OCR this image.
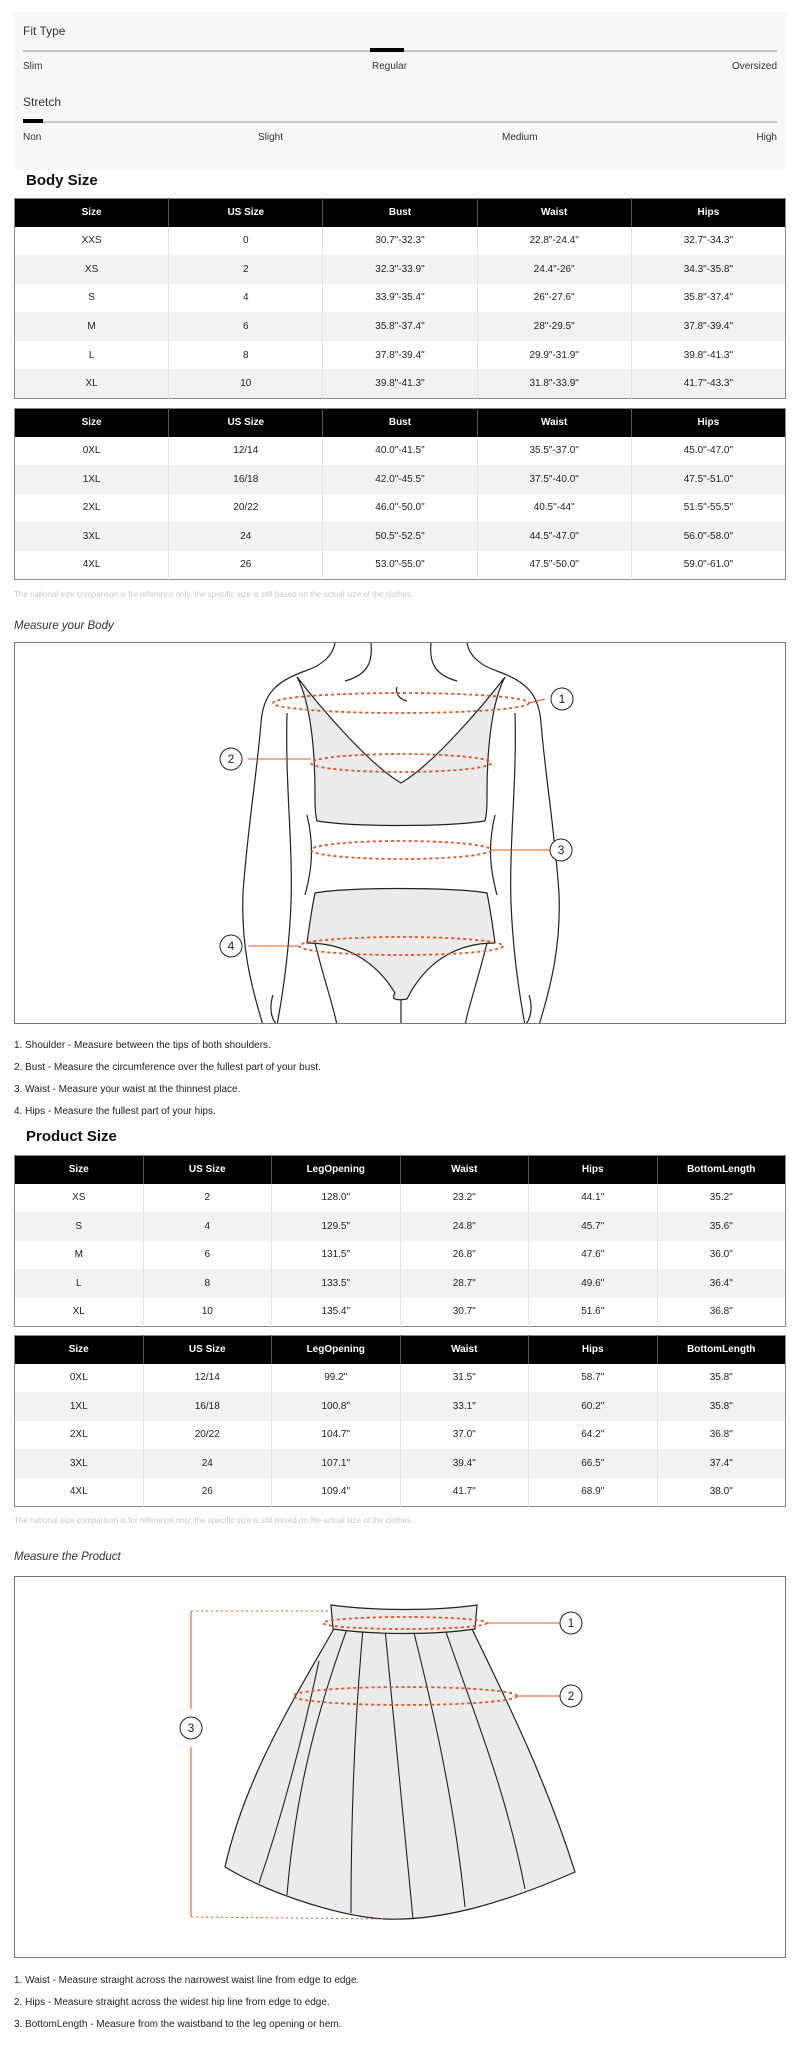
Fit Type
Slim	Regular	Oversized
Stretch
Non	Slight	Medium	High
Body Size
Size	US Size	Bust	Waist	Hips
XXS	0	30.7"-32.3"	22.8"-24.4"	32.7"-34.3"
XS	2	32.3"-33.9"	24.4"-26"	34.3"-35.8"
S	4	33.9"-35.4"	26"-27.6"	35.8"-37.4"
M	6	35.8"-37.4"	28"-29.5"	37.8"-39.4"
L	8	37.8"-39.4"	29.9"-31.9"	39.8"-41.3"
XL	10	39.8"-41.3"	31.8"-33.9"	41.7"-43.3"
Size	US Size	Bust	Waist	Hips
0XL	12/14	40.0"-41.5"	35.5"-37.0"	45.0"-47.0"
1XL	16/18	42.0"-45.5"	37.5"-40.0"	47.5"-51.0"
2XL	20/22	46.0"-50.0"	40.5"-44"	51.5"-55.5"
3XL	24	50.5"-52.5"	44.5"-47.0"	56.0"-58.0"
4XL	26	53.0"-55.0"	47.5"-50.0"	59.0"-61.0"
The national size comparison is for reference only, the specific size is still based on the actual size of the clothes.
Measure your Body
1
2
3
4
1. Shoulder - Measure between the tips of both shoulders.
2. Bust - Measure the circumference over the fullest part of your bust.
3. Waist - Measure your waist at the thinnest place.
4. Hips - Measure the fullest part of your hips.
Product Size
Size	US Size	LegOpening	Waist	Hips	BottomLength
XS	2	128.0"	23.2"	44.1"	35.2"
S	4	129.5"	24.8"	45.7"	35.6"
M	6	131.5"	26.8"	47.6"	36.0"
L	8	133.5"	28.7"	49.6"	36.4"
XL	10	135.4"	30.7"	51.6"	36.8"
Size	US Size	LegOpening	Waist	Hips	BottomLength
0XL	12/14	99.2"	31.5"	58.7"	35.8"
1XL	16/18	100.8"	33.1"	60.2"	35.8"
2XL	20/22	104.7"	37.0"	64.2"	36.8"
3XL	24	107.1"	39.4"	66.5"	37.4"
4XL	26	109.4"	41.7"	68.9"	38.0"
The national size comparison is for reference only, the specific size is still based on the actual size of the clothes.
Measure the Product
1
2
3
1. Waist - Measure straight across the narrowest waist line from edge to edge.
2. Hips - Measure straight across the widest hip line from edge to edge.
3. BottomLength - Measure from the waistband to the leg opening or hem.
